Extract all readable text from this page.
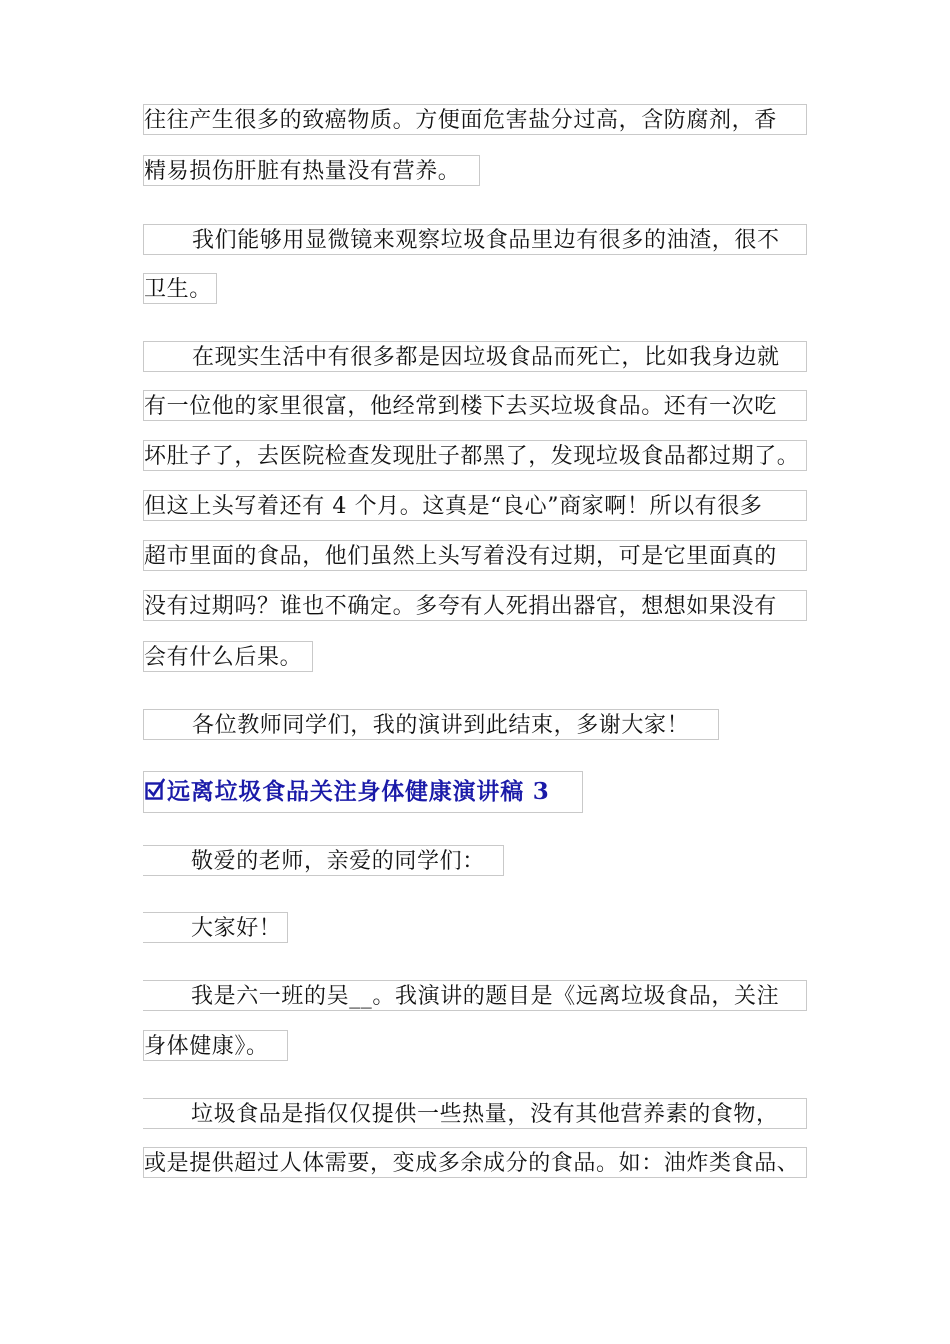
往往产生很多的致癌物质。方便面危害盐分过高，含防腐剂，香
精易损伤肝脏有热量没有营养。
我们能够用显微镜来观察垃圾食品里边有很多的油渣，很不
卫生。
在现实生活中有很多都是因垃圾食品而死亡，比如我身边就
有一位他的家里很富，他经常到楼下去买垃圾食品。还有一次吃
坏肚子了，去医院检查发现肚子都黑了，发现垃圾食品都过期了。
但这上头写着还有 4 个月。这真是“良心”商家啊！所以有很多
超市里面的食品，他们虽然上头写着没有过期，可是它里面真的
没有过期吗？谁也不确定。多夸有人死捐出器官，想想如果没有
会有什么后果。
各位教师同学们，我的演讲到此结束，多谢大家！
远离垃圾食品关注身体健康演讲稿 3
敬爱的老师，亲爱的同学们：
大家好！
我是六一班的吴__。我演讲的题目是《远离垃圾食品，关注
身体健康》。
垃圾食品是指仅仅提供一些热量，没有其他营养素的食物，
或是提供超过人体需要，变成多余成分的食品。如：油炸类食品、
